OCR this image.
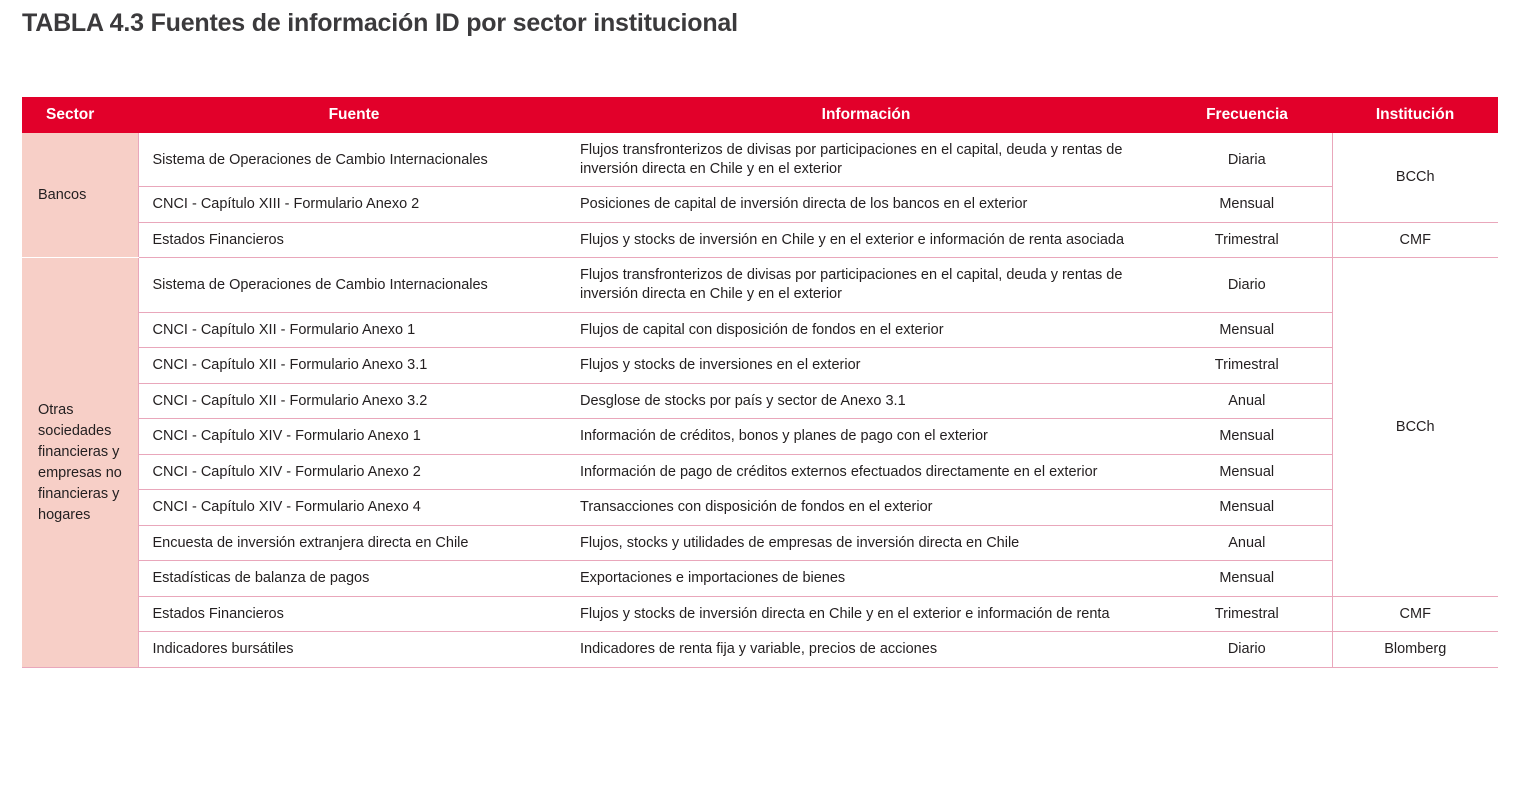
TABLA 4.3 Fuentes de información ID por sector institucional
Sector	Fuente	Información	Frecuencia	Institución
Bancos	Sistema de Operaciones de Cambio Internacionales	Flujos transfronterizos de divisas por participaciones en el capital, deuda y rentas de inversión directa en Chile y en el exterior	Diaria	BCCh
	CNCI - Capítulo XIII - Formulario Anexo 2	Posiciones de capital de inversión directa de los bancos en el exterior	Mensual	
	Estados Financieros	Flujos y stocks de inversión en Chile y en el exterior e información de renta asociada	Trimestral	CMF
Otras sociedades financieras y empresas no financieras y hogares	Sistema de Operaciones de Cambio Internacionales	Flujos transfronterizos de divisas por participaciones en el capital, deuda y rentas de inversión directa en Chile y en el exterior	Diario	BCCh
	CNCI - Capítulo XII - Formulario Anexo 1	Flujos de capital con disposición de fondos en el exterior	Mensual	
	CNCI - Capítulo XII - Formulario Anexo 3.1	Flujos y stocks de inversiones en el exterior	Trimestral	
	CNCI - Capítulo XII - Formulario Anexo 3.2	Desglose de stocks por país y sector de Anexo 3.1	Anual	
	CNCI - Capítulo XIV - Formulario Anexo 1	Información de créditos, bonos y planes de pago con el exterior	Mensual	
	CNCI - Capítulo XIV - Formulario Anexo 2	Información de pago de créditos externos efectuados directamente en el exterior	Mensual	
	CNCI - Capítulo XIV - Formulario Anexo 4	Transacciones con disposición de fondos en el exterior	Mensual	
	Encuesta de inversión extranjera directa en Chile	Flujos, stocks y utilidades de empresas de inversión directa en Chile	Anual	
	Estadísticas de balanza de pagos	Exportaciones e importaciones de bienes	Mensual	
	Estados Financieros	Flujos y stocks de inversión directa en Chile y en el exterior e información de renta	Trimestral	CMF
	Indicadores bursátiles	Indicadores de renta fija y variable, precios de acciones	Diario	Blomberg
